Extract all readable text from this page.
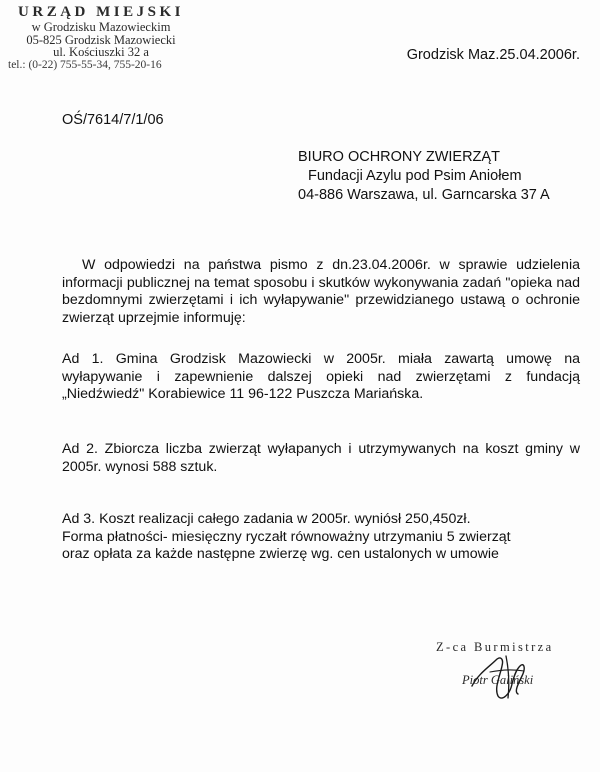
URZĄD MIEJSKI
w Grodzisku Mazowieckim
05-825 Grodzisk Mazowiecki
ul. Kościuszki 32 a
tel.: (0-22) 755-55-34, 755-20-16
Grodzisk Maz.25.04.2006r.
OŚ/7614/7/1/06
BIURO OCHRONY ZWIERZĄT
Fundacji Azylu pod Psim Aniołem
04-886 Warszawa, ul. Garncarska 37 A
W odpowiedzi na państwa pismo z dn.23.04.2006r. w sprawie udzielenia informacji publicznej na temat sposobu i skutków wykonywania zadań "opieka nad bezdomnymi zwierzętami i ich wyłapywanie" przewidzianego ustawą o ochronie zwierząt uprzejmie informuję:
Ad 1. Gmina Grodzisk Mazowiecki w 2005r. miała zawartą umowę na wyłapywanie i zapewnienie dalszej opieki nad zwierzętami z fundacją „Niedźwiedź" Korabiewice 11 96-122 Puszcza Mariańska.
Ad 2. Zbiorcza liczba zwierząt wyłapanych i utrzymywanych na koszt gminy w 2005r. wynosi 588 sztuk.
Ad 3. Koszt realizacji całego zadania w 2005r. wyniósł 250,450zł.
Forma płatności- miesięczny ryczałt równoważny utrzymaniu 5 zwierząt
oraz opłata za każde następne zwierzę wg. cen ustalonych w umowie
Z-ca Burmistrza
Piotr Galiński
